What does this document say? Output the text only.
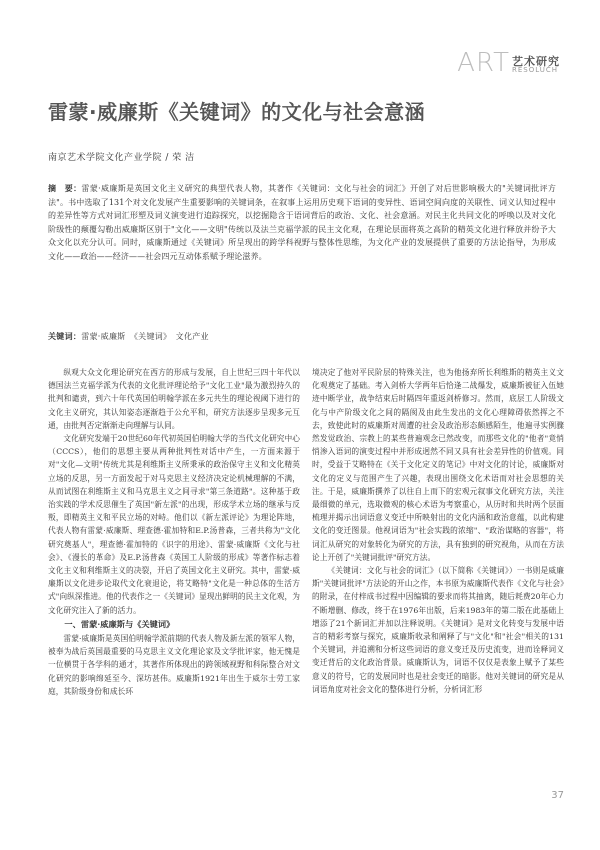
ART 艺术研究
RESOLUCH
雷蒙·威廉斯《关键词》的文化与社会意涵
南京艺术学院文化产业学院 / 荣 洁
摘　要：雷蒙·威廉斯是英国文化主义研究的典型代表人物，其著作《关键词：文化与社会的词汇》开创了对后世影响极大的"关键词批评方法"。书中选取了131个对文化发展产生重要影响的关键词条，在叙事上运用历史观下语词的变异性、语词空间向度的关联性、词义认知过程中的差异性等方式对词汇形塑及词义演变进行追踪探究，以挖掘隐含于语词背后的政治、文化、社会意涵。对民主化共同文化的呼唤以及对文化阶级性的颠覆勾勒出威廉斯区别于"文化——文明"传统以及法兰克福学派的民主文化观，在理论层面将英之高阶的精英文化进行释放并纷予大众文化以充分认可。同时，威廉斯通过《关键词》所呈现出的跨学科视野与整体性思维，为文化产业的发展提供了重要的方法论指导，为形成文化——政治——经济——社会四元互动体系赋予理论滋养。
关键词：雷蒙·威廉斯　《关键词》　文化产业

纵观大众文化理论研究在西方的形成与发展，自上世纪三四十年代以德国法兰克福学派为代表的文化批评理论给予"文化工业"最为激烈持久的批判和谴责，到六十年代英国伯明翰学派在多元共生的理论视阈下进行的文化主义研究，其认知姿态逐渐趋于公允平和，研究方法逐步呈现多元互通，由批判否定渐渐走向理解与认同。

文化研究发端于20世纪60年代初英国伯明翰大学的当代文化研究中心（CCCS），他们的思想主要从两种批判性对话中产生，一方面来源于对"文化—文明"传统尤其是利维斯主义所秉承的政治保守主义和文化精英立场的反思，另一方面发起于对马克思主义经济决定论机械理解的不满，从而试图在利维斯主义和马克思主义之间寻求"第三条道路"。这种基于政治实践的学术反思催生了英国"新左派"的出现，形成学术立场的继承与反叛，即精英主义和平民立场的对峙。他们以《新左派评论》为理论阵地，代表人物有雷蒙·威廉斯、理查德·霍加特和E.P.汤普森，三者共称为"文化研究奠基人"，理查德·霍加特的《识字的用途》、雷蒙·威廉斯《文化与社会》、《漫长的革命》及E.P.汤普森《英国工人阶级的形成》等著作标志着文化主义和利维斯主义的决裂，开启了英国文化主义研究。其中，雷蒙·威廉斯以文化进步论取代文化衰退论，将艾略特"文化是一种总体的生活方式"向纵深推进。他的代表作之一《关键词》显现出鲜明的民主文化观，为文化研究注入了新的活力。

一、雷蒙·威廉斯与《关键词》

雷蒙·威廉斯是英国伯明翰学派前期的代表人物及新左派的领军人物，被奉为战后英国最重要的马克思主义文化理论家及文学批评家，他无愧是一位横贯于各学科的通才，其著作所体现出的跨领域视野和科际整合对文化研究的影响绵延至今、深坊甚伟。威廉斯1921年出生于威尔士劳工家庭，其阶级身份和成长环

境决定了他对平民阶层的特殊关注，也为他扬弃所长利维斯的精英主义文化观奠定了基础。考入剑桥大学两年后恰逢二战爆发，威廉斯被征入伍她迹中断学业，战争结束后时隔四年重返剑桥修习。然而，底层工人阶级文化与中产阶级文化之间的隔阂及由此生发出的文化心理障碍依然挥之不去，致使此时的威廉斯对周遭的社会及政治形态颇感陌生，他遍寻实例骤然发觉政治、宗教上的某些普遍观念已然改变，而那些文化的"他者"竟悄悄渗入语词的演变过程中并形成迥然不同又具有社会差异性的价值观。同时，受益于艾略特在《关于文化定义的笔记》中对文化的讨论，威廉斯对文化的定义与范围产生了兴趣，表现出围绕文化术语而对社会思想的关注。于是，威廉斯撰养了以往自上而下的宏观元叙事文化研究方法，关注最细微的单元，选取微观的核心术语为考察重心，从历时和共时两个层面梳理并揭示出词语意义变迁中所映射出的文化内涵和政治意蕴，以此构建文化的变迁图景。他视词语为"社会实践的浓缩"、"政治谋略的容器"，将词汇从研究的对象转化为研究的方法，具有独到的研究视角，从而在方法论上开创了"关键词批评"研究方法。

《关键词：文化与社会的词汇》（以下简称《关键词》）一书则是威廉斯"关键词批评"方法论的开山之作，本书原为威廉斯代表作《文化与社会》的附录，在付梓成书过程中因编辑的要求而将其抽离，随后耗费20年心力不断增删、修改，终于在1976年出版，后来1983年的第二版在此基础上增添了21个新词汇并加以注释说明。《关键词》是对文化转变与发展中语言的精彩考察与探究，威廉斯收录和阐释了与"文化"和"社会"相关的131个关键词，并追溯和分析这些词语的意义变迁及历史流变，进而诠释词义变迁背后的文化政治背景。威廉斯认为，词语不仅仅是表象上赋予了某些意义的符号，它的发展同时也是社会变迁的暗影。他对关键词的研究是从词语角度对社会文化的整体进行分析，分析词汇形

37
